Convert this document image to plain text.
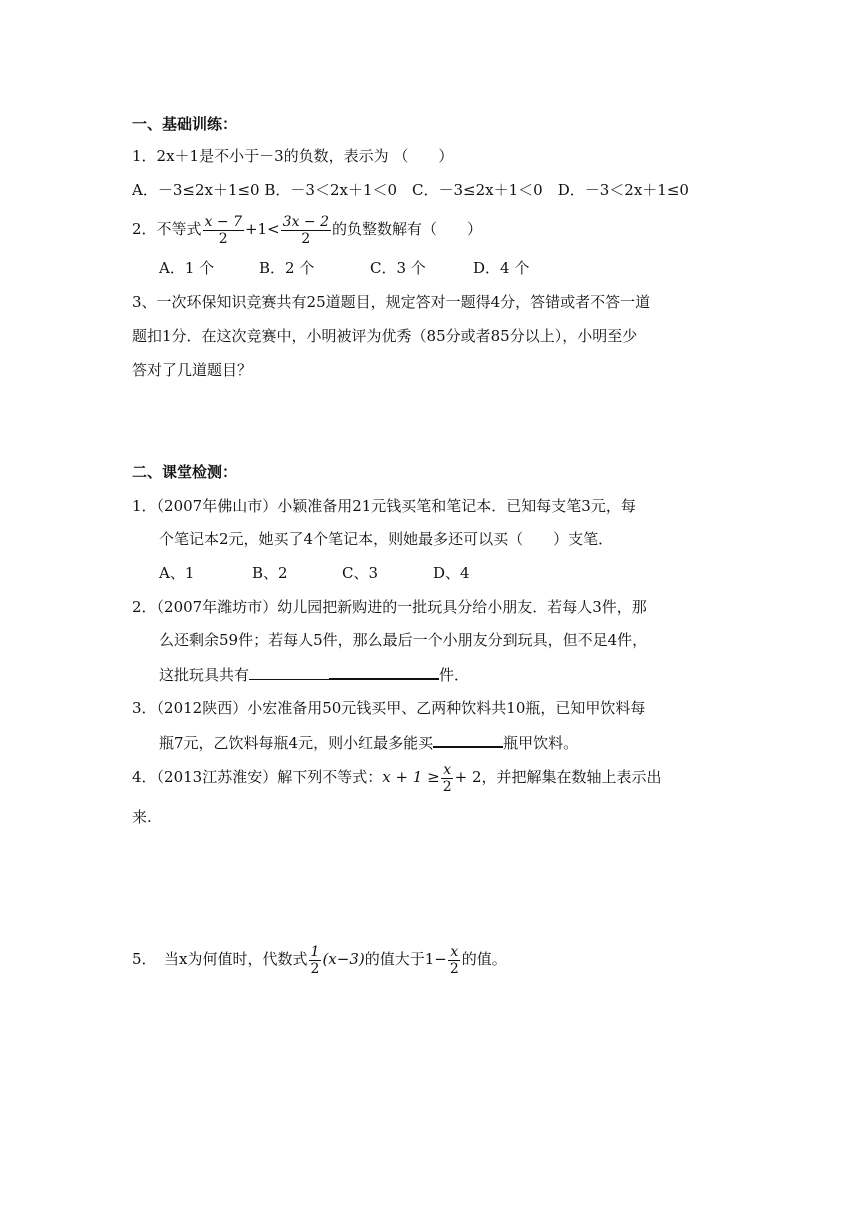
一、基础训练：
1．2x＋1是不小于－3的负数，表示为 （　　）
A．－3≤2x＋1≤0 B．－3＜2x＋1＜0　C．－3≤2x＋1＜0　D．－3＜2x＋1≤0
2．不等式 $\frac{x - 7}{2} +1< \frac{3x - 2}{2}$ 的负整数解有（　　）
A．1 个	B．2 个	C．3 个	D．4 个
3、一次环保知识竞赛共有25道题目，规定答对一题得4分，答错或者不答一道
题扣1分．在这次竞赛中，小明被评为优秀（85分或者85分以上），小明至少
答对了几道题目？
二、课堂检测：
1．（2007年佛山市）小颖准备用21元钱买笔和笔记本．已知每支笔3元，每
个笔记本2元，她买了4个笔记本，则她最多还可以买（　　）支笔．
A、1	B、2	C、3	D、4
2．（2007年潍坊市）幼儿园把新购进的一批玩具分给小朋友．若每人3件，那
么还剩余59件；若每人5件，那么最后一个小朋友分到玩具，但不足4件，
这批玩具共有	件．
3．（2012陕西）小宏准备用50元钱买甲、乙两种饮料共10瓶，已知甲饮料每
瓶7元，乙饮料每瓶4元，则小红最多能买	瓶甲饮料。
4．（2013江苏淮安）解下列不等式：$x + 1 \ge \frac{x}{2} + 2$，并把解集在数轴上表示出
来.
5．　当x为何值时，代数式 $\frac{1}{2} (x-3)$的值大于$1- \frac{x}{2}$ 的值。
